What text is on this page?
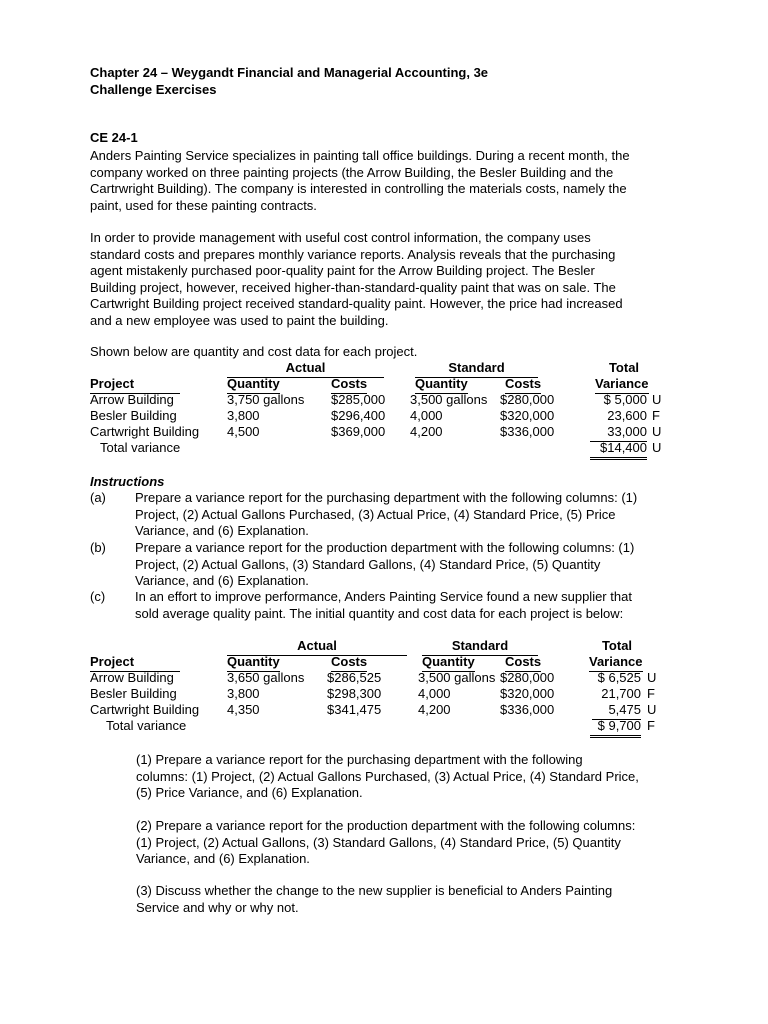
Chapter 24 – Weygandt Financial and Managerial Accounting, 3e
Challenge Exercises
CE 24-1
Anders Painting Service specializes in painting tall office buildings. During a recent month, the
company worked on three painting projects (the Arrow Building, the Besler Building and the
Cartrwright Building). The company is interested in controlling the materials costs, namely the
paint, used for these painting contracts.
In order to provide management with useful cost control information, the company uses
standard costs and prepares monthly variance reports. Analysis reveals that the purchasing
agent mistakenly purchased poor-quality paint for the Arrow Building project. The Besler
Building project, however, received higher-than-standard-quality paint that was on sale. The
Cartwright Building project received standard-quality paint. However, the price had increased
and a new employee was used to paint the building.
Shown below are quantity and cost data for each project.
Actual	Standard	Total
Project	Quantity	Costs	Quantity	Costs	Variance
Arrow Building	3,750 gallons $285,000 3,500 gallons $280,000	$ 5,000 U
Besler Building	3,800	$296,400 4,000	$320,000	23,600 F
Cartwright Building 4,500	$369,000 4,200	$336,000	33,000 U
Total variance	$14,400 U
Instructions
(a) Prepare a variance report for the purchasing department with the following columns: (1)
Project, (2) Actual Gallons Purchased, (3) Actual Price, (4) Standard Price, (5) Price
Variance, and (6) Explanation.
(b) Prepare a variance report for the production department with the following columns: (1)
Project, (2) Actual Gallons, (3) Standard Gallons, (4) Standard Price, (5) Quantity
Variance, and (6) Explanation.
(c) In an effort to improve performance, Anders Painting Service found a new supplier that
sold average quality paint. The initial quantity and cost data for each project is below:
Actual	Standard	Total
Project	Quantity	Costs	Quantity Costs	Variance
Arrow Building	3,650 gallons $286,525	3,500 gallons $280,000	$ 6,525 U
Besler Building	3,800	$298,300	4,000	$320,000	21,700 F
Cartwright Building 4,350	$341,475	4,200	$336,000	5,475 U
Total variance	$ 9,700 F
(1) Prepare a variance report for the purchasing department with the following
columns: (1) Project, (2) Actual Gallons Purchased, (3) Actual Price, (4) Standard Price,
(5) Price Variance, and (6) Explanation.
(2) Prepare a variance report for the production department with the following columns:
(1) Project, (2) Actual Gallons, (3) Standard Gallons, (4) Standard Price, (5) Quantity
Variance, and (6) Explanation.
(3) Discuss whether the change to the new supplier is beneficial to Anders Painting
Service and why or why not.
